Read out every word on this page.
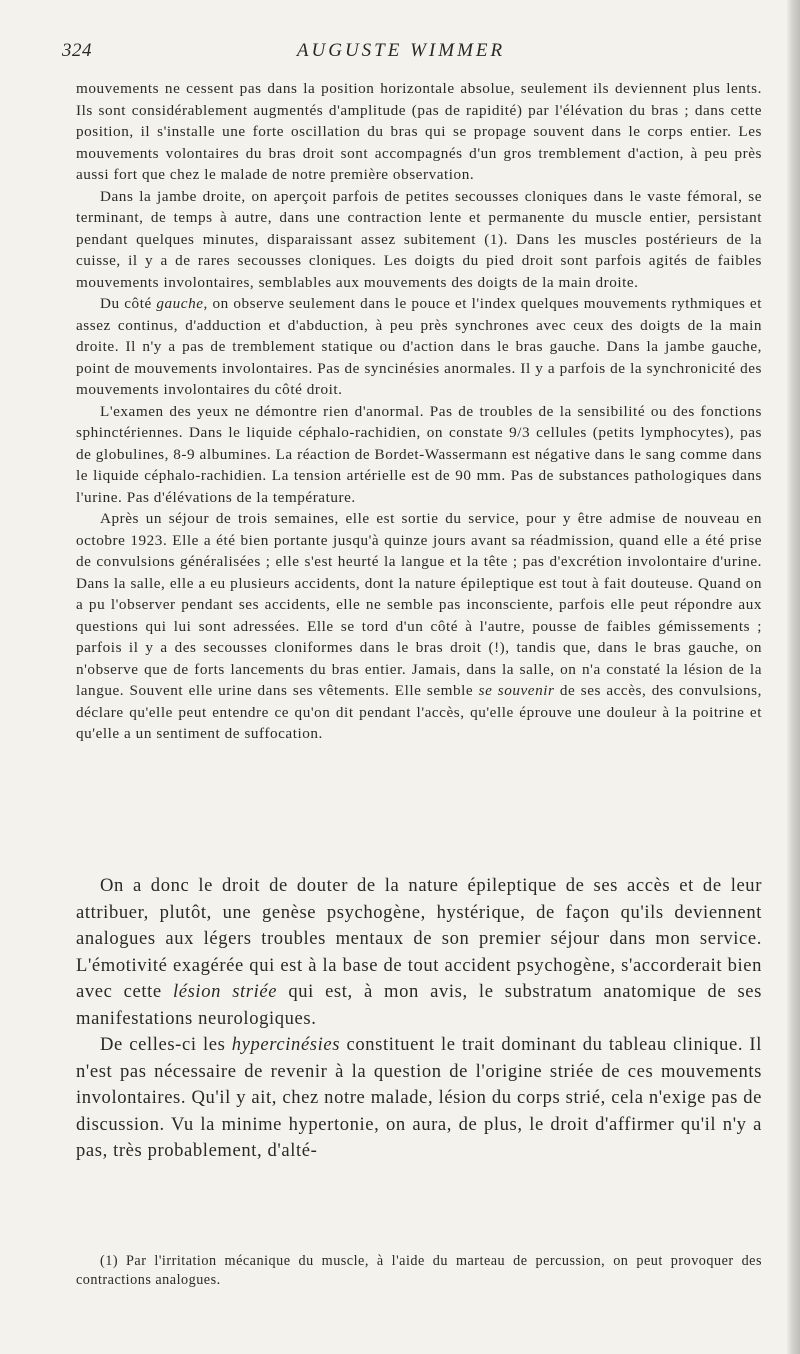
324	AUGUSTE WIMMER

mouvements ne cessent pas dans la position horizontale absolue, seulement ils deviennent plus lents. Ils sont considérablement augmentés d'amplitude (pas de rapidité) par l'élévation du bras ; dans cette position, il s'installe une forte oscillation du bras qui se propage souvent dans le corps entier. Les mouvements volontaires du bras droit sont accompagnés d'un gros tremblement d'action, à peu près aussi fort que chez le malade de notre première observation.

Dans la jambe droite, on aperçoit parfois de petites secousses cloniques dans le vaste fémoral, se terminant, de temps à autre, dans une contraction lente et permanente du muscle entier, persistant pendant quelques minutes, disparaissant assez subitement (1). Dans les muscles postérieurs de la cuisse, il y a de rares secousses cloniques. Les doigts du pied droit sont parfois agités de faibles mouvements involontaires, semblables aux mouvements des doigts de la main droite.

Du côté gauche, on observe seulement dans le pouce et l'index quelques mouvements rythmiques et assez continus, d'adduction et d'abduction, à peu près synchrones avec ceux des doigts de la main droite. Il n'y a pas de tremblement statique ou d'action dans le bras gauche. Dans la jambe gauche, point de mouvements involontaires. Pas de syncinésies anormales. Il y a parfois de la synchronicité des mouvements involontaires du côté droit.

L'examen des yeux ne démontre rien d'anormal. Pas de troubles de la sensibilité ou des fonctions sphinctériennes. Dans le liquide céphalo-rachidien, on constate 9/3 cellules (petits lymphocytes), pas de globulines, 8-9 albumines. La réaction de Bordet-Wassermann est négative dans le sang comme dans le liquide céphalo-rachidien. La tension artérielle est de 90 mm. Pas de substances pathologiques dans l'urine. Pas d'élévations de la température.

Après un séjour de trois semaines, elle est sortie du service, pour y être admise de nouveau en octobre 1923. Elle a été bien portante jusqu'à quinze jours avant sa réadmission, quand elle a été prise de convulsions généralisées ; elle s'est heurté la langue et la tête ; pas d'excrétion involontaire d'urine. Dans la salle, elle a eu plusieurs accidents, dont la nature épileptique est tout à fait douteuse. Quand on a pu l'observer pendant ses accidents, elle ne semble pas inconsciente, parfois elle peut répondre aux questions qui lui sont adressées. Elle se tord d'un côté à l'autre, pousse de faibles gémissements ; parfois il y a des secousses cloniformes dans le bras droit (!), tandis que, dans le bras gauche, on n'observe que de forts lancements du bras entier. Jamais, dans la salle, on n'a constaté la lésion de la langue. Souvent elle urine dans ses vêtements. Elle semble se souvenir de ses accès, des convulsions, déclare qu'elle peut entendre ce qu'on dit pendant l'accès, qu'elle éprouve une douleur à la poitrine et qu'elle a un sentiment de suffocation.

On a donc le droit de douter de la nature épileptique de ses accès et de leur attribuer, plutôt, une genèse psychogène, hystérique, de façon qu'ils deviennent analogues aux légers troubles mentaux de son premier séjour dans mon service. L'émotivité exagérée qui est à la base de tout accident psychogène, s'accorderait bien avec cette lésion striée qui est, à mon avis, le substratum anatomique de ses manifestations neurologiques.

De celles-ci les hypercinésies constituent le trait dominant du tableau clinique. Il n'est pas nécessaire de revenir à la question de l'origine striée de ces mouvements involontaires. Qu'il y ait, chez notre malade, lésion du corps strié, cela n'exige pas de discussion. Vu la minime hypertonie, on aura, de plus, le droit d'affirmer qu'il n'y a pas, très probablement, d'alté-

(1) Par l'irritation mécanique du muscle, à l'aide du marteau de percussion, on peut provoquer des contractions analogues.
